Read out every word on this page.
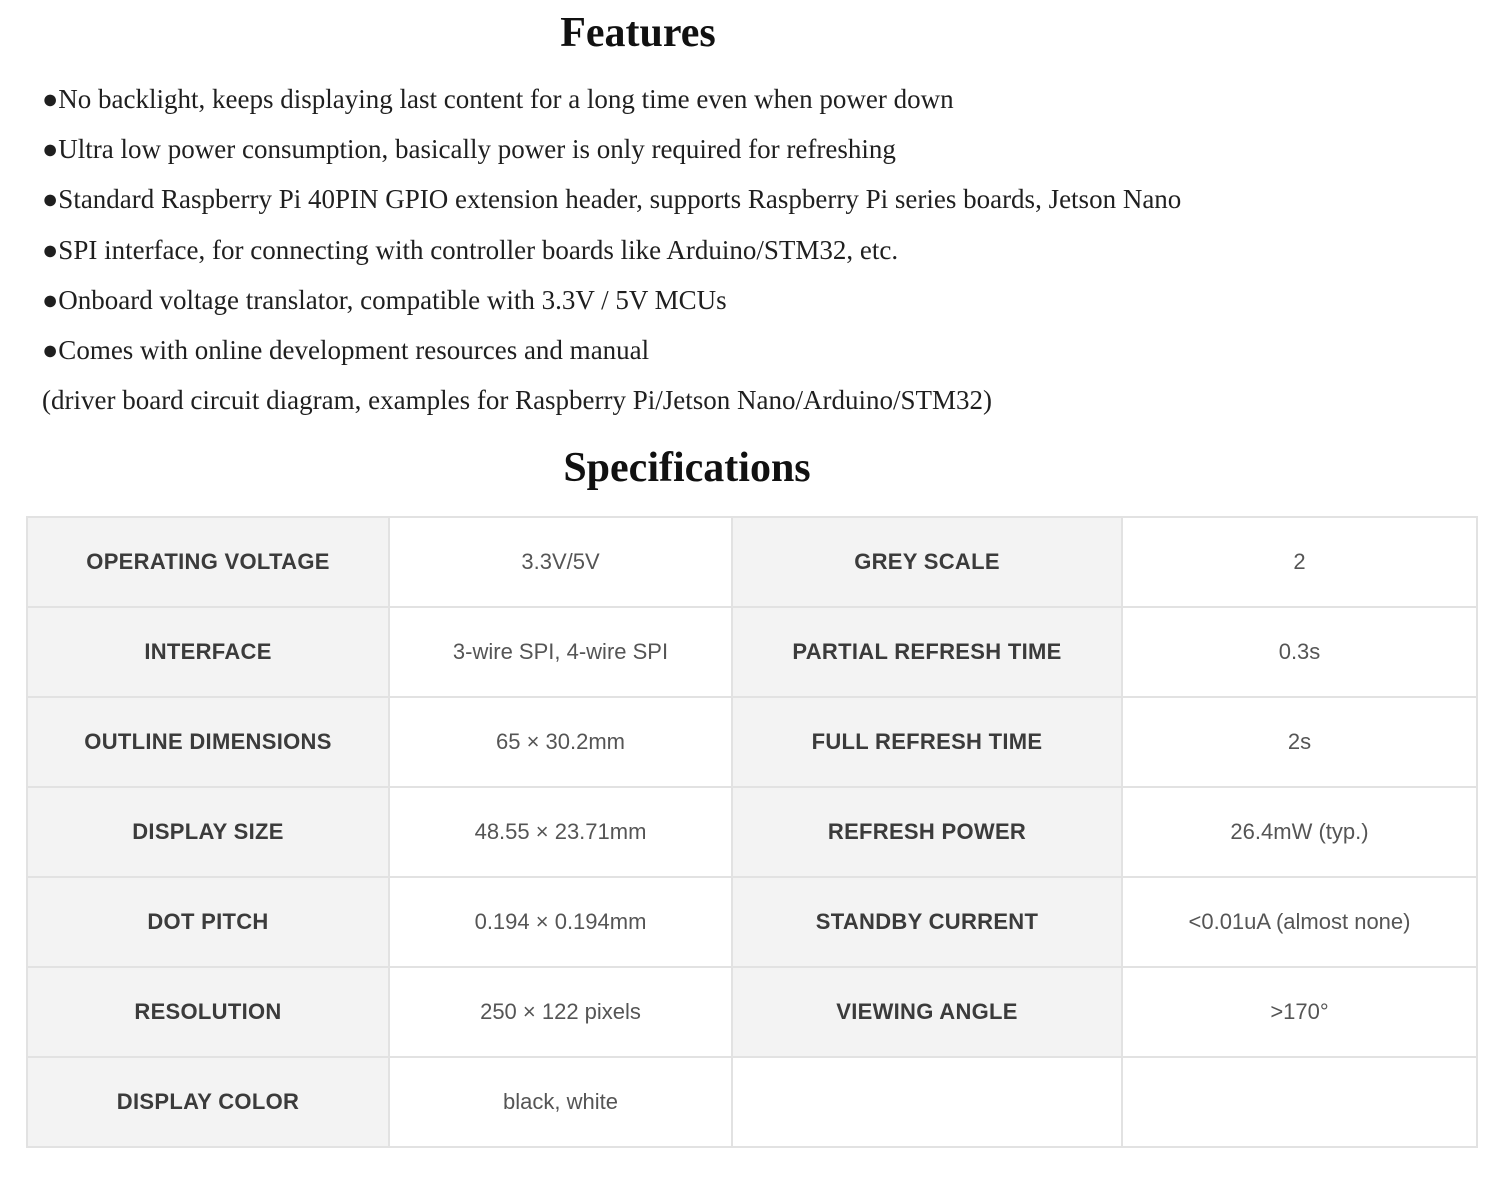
Features
●No backlight, keeps displaying last content for a long time even when power down
●Ultra low power consumption, basically power is only required for refreshing
●Standard Raspberry Pi 40PIN GPIO extension header, supports Raspberry Pi series boards, Jetson Nano
●SPI interface, for connecting with controller boards like Arduino/STM32, etc.
●Onboard voltage translator, compatible with 3.3V / 5V MCUs
●Comes with online development resources and manual
(driver board circuit diagram, examples for Raspberry Pi/Jetson Nano/Arduino/STM32)
Specifications
OPERATING VOLTAGE	3.3V/5V	GREY SCALE	2
INTERFACE	3-wire SPI, 4-wire SPI	PARTIAL REFRESH TIME	0.3s
OUTLINE DIMENSIONS	65 × 30.2mm	FULL REFRESH TIME	2s
DISPLAY SIZE	48.55 × 23.71mm	REFRESH POWER	26.4mW (typ.)
DOT PITCH	0.194 × 0.194mm	STANDBY CURRENT	<0.01uA (almost none)
RESOLUTION	250 × 122 pixels	VIEWING ANGLE	>170°
DISPLAY COLOR	black, white		
